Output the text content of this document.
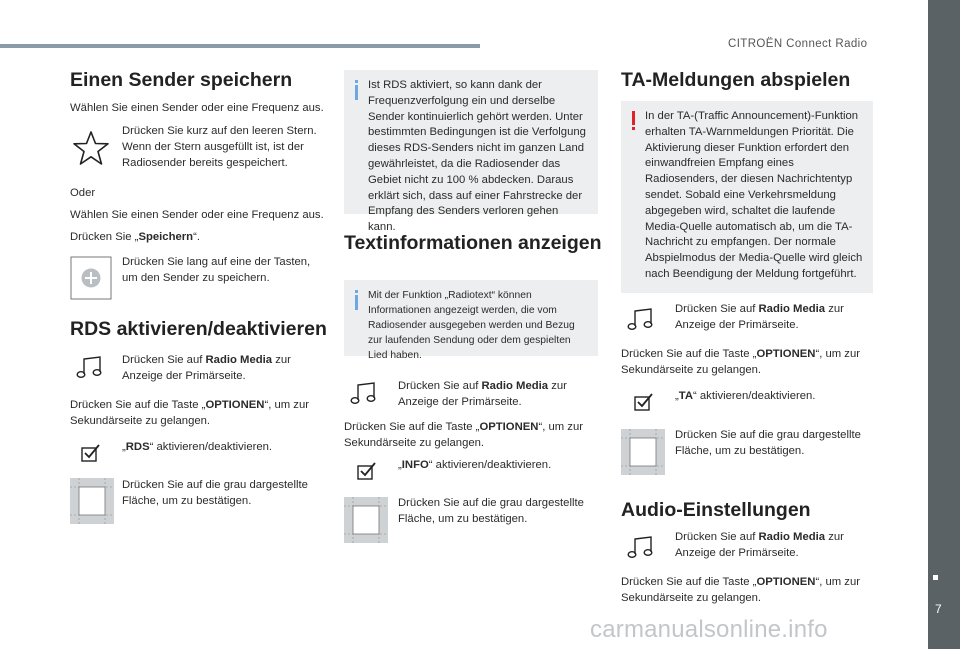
CITROËN Connect Radio
7
Einen Sender speichern

Wählen Sie einen Sender oder eine Frequenz aus.

Drücken Sie kurz auf den leeren Stern. Wenn der Stern ausgefüllt ist, ist der Radiosender bereits gespeichert.

Oder

Wählen Sie einen Sender oder eine Frequenz aus.

Drücken Sie „Speichern“.

Drücken Sie lang auf eine der Tasten, um den Sender zu speichern.

RDS aktivieren/deaktivieren

Drücken Sie auf Radio Media zur Anzeige der Primärseite.

Drücken Sie auf die Taste „OPTIONEN“, um zur Sekundärseite zu gelangen.

„RDS“ aktivieren/deaktivieren.

Drücken Sie auf die grau dargestellte Fläche, um zu bestätigen.

Ist RDS aktiviert, so kann dank der Frequenzverfolgung ein und derselbe Sender kontinuierlich gehört werden. Unter bestimmten Bedingungen ist die Verfolgung dieses RDS-Senders nicht im ganzen Land gewährleistet, da die Radiosender das Gebiet nicht zu 100 % abdecken. Daraus erklärt sich, dass auf einer Fahrstrecke der Empfang des Senders verloren gehen kann.
Textinformationen anzeigen
Mit der Funktion „Radiotext“ können Informationen angezeigt werden, die vom Radiosender ausgegeben werden und Bezug zur laufenden Sendung oder dem gespielten Lied haben.

Drücken Sie auf Radio Media zur Anzeige der Primärseite.

Drücken Sie auf die Taste „OPTIONEN“, um zur Sekundärseite zu gelangen.

„INFO“ aktivieren/deaktivieren.

Drücken Sie auf die grau dargestellte Fläche, um zu bestätigen.

TA-Meldungen abspielen
In der TA-(Traffic Announcement)-Funktion erhalten TA-Warnmeldungen Priorität. Die Aktivierung dieser Funktion erfordert den einwandfreien Empfang eines Radiosenders, der diesen Nachrichtentyp sendet. Sobald eine Verkehrsmeldung abgegeben wird, schaltet die laufende Media-Quelle automatisch ab, um die TA-Nachricht zu empfangen. Der normale Abspielmodus der Media-Quelle wird gleich nach Beendigung der Meldung fortgeführt.

Drücken Sie auf Radio Media zur Anzeige der Primärseite.

Drücken Sie auf die Taste „OPTIONEN“, um zur Sekundärseite zu gelangen.

„TA“ aktivieren/deaktivieren.

Drücken Sie auf die grau dargestellte Fläche, um zu bestätigen.

Audio-Einstellungen

Drücken Sie auf Radio Media zur Anzeige der Primärseite.

Drücken Sie auf die Taste „OPTIONEN“, um zur Sekundärseite zu gelangen.

carmanualsonline.info
